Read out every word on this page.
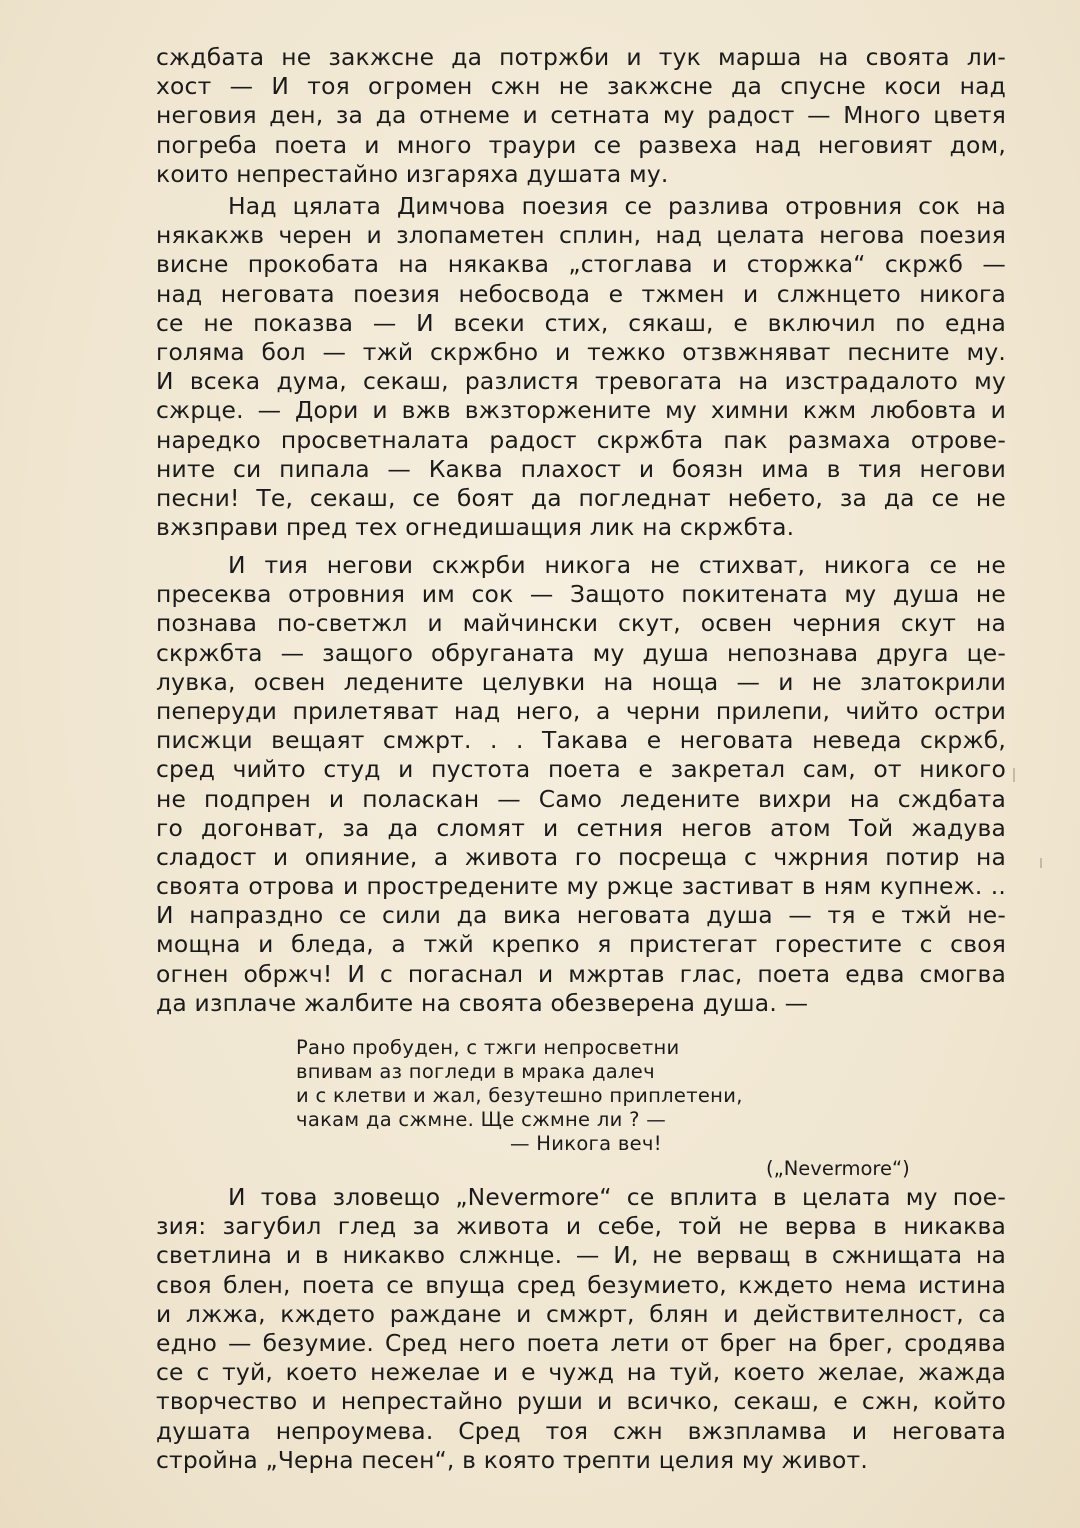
сждбата не закжсне да потржби и тук марша на своята ли-
хост — И тоя огромен сжн не закжсне да спусне коси над
неговия ден, за да отнеме и сетната му радост — Много цветя
погреба поета и много траури се развеха над неговият дом,
които непрестайно изгаряха душата му.
Над цялата Димчова поезия се разлива отровния сок на
някакжв черен и злопаметен сплин, над целата негова поезия
висне прокобата на някаква „стоглава и сторжка“ скржб —
над неговата поезия небосвода е тжмен и слжнцето никога
се не показва — И всеки стих, сякаш, е включил по една
голяма бол — тжй скржбно и тежко отзвжняват песните му.
И всека дума, секаш, разлистя тревогата на изстрадалото му
сжрце. — Дори и вжв вжзторжените му химни кжм любовта и
наредко просветналата радост скржбта пак размаха отрове-
ните си пипала — Каква плахост и боязн има в тия негови
песни! Те, секаш, се боят да погледнат небето, за да се не
вжзправи пред тех огнедишащия лик на скржбта.
И тия негови скжрби никога не стихват, никога се не
пресеква отровния им сок — Защото покитената му душа не
познава по-светжл и майчински скут, освен черния скут на
скржбта — защого обруганата му душа непознава друга це-
лувка, освен ледените целувки на ноща — и не златокрили
пеперуди прилетяват над него, а черни прилепи, чийто остри
писжци вещаят смжрт. . . Такава е неговата неведа скржб,
сред чийто студ и пустота поета е закретал сам, от никого
не подпрен и поласкан — Само ледените вихри на сждбата
го догонват, за да сломят и сетния негов атом Той жадува
сладост и опияние, а живота го посреща с чжрния потир на
своята отрова и простредените му ржце застиват в ням купнеж. ..
И напраздно се сили да вика неговата душа — тя е тжй не-
мощна и бледа, а тжй крепко я пристегат горестите с своя
огнен обржч! И с погаснал и мжртав глас, поета едва смогва
да изплаче жалбите на своята обезверена душа. —
Рано пробуден, с тжги непросветни
впивам аз погледи в мрака далеч
и с клетви и жал, безутешно приплетени,
чакам да сжмне. Ще сжмне ли ? —
— Никога веч!
(„Nevermore“)
И това зловещо „Nevermore“ се вплита в целата му пое-
зия: загубил глед за живота и себе, той не верва в никаква
светлина и в никакво слжнце. — И, не верващ в сжнищата на
своя блен, поета се впуща сред безумието, кждето нема истина
и лжжа, кждето раждане и смжрт, блян и действителност, са
едно — безумие. Сред него поета лети от брег на брег, сродява
се с туй, което нежелае и е чужд на туй, което желае, жажда
творчество и непрестайно руши и всичко, секаш, е сжн, който
душата непроумева. Сред тоя сжн вжзпламва и неговата
стройна „Черна песен“, в която трепти целия му живот.
